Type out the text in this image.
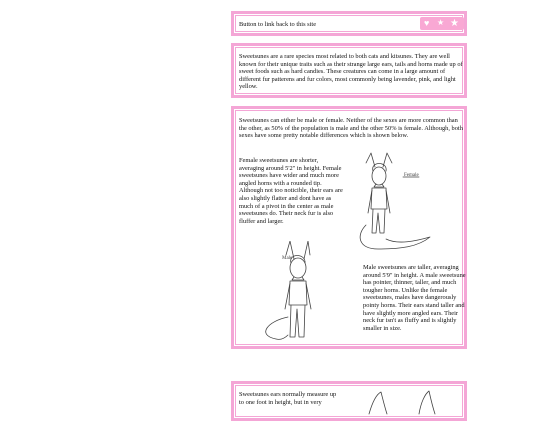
Button to link back to this site	♥ ★ ★
Sweetsunes are a rare species most related to both cats and kitsunes. They are well known for their unique traits such as their strange large ears, tails and horns made up of sweet foods such as hard candies. These creatures can come in a large amount of different fur patterens and fur colors, most commonly being lavender, pink, and light yellow.
Sweetsunes can either be male or female. Neither of the sexes are more common than the other, as 50% of the population is male and the other 50% is female. Although, both sexes have some pretty notable differences which is shown below.
Female sweetsunes are shorter, averaging around 5'2" in height. Female sweetsunes have wider and much more angled horns with a rounded tip. Although not too noticible, their ears are also slightly flatter and dont have as much of a pivot in the center as male sweetsunes do. Their neck fur is also fluffer and larger.
Female
Male
Male sweetsunes are taller, averaging around 5'9" in height. A male sweetsune has pointer, thinner, taller, and much tougher horns. Unlike the female sweetsunes, males have dangerously pointy horns. Their ears stand taller and have slightly more angled ears. Their neck fur isn't as fluffy and is slightly smaller in size.
Sweetsunes ears normally measure up to one foot in height, but in very
